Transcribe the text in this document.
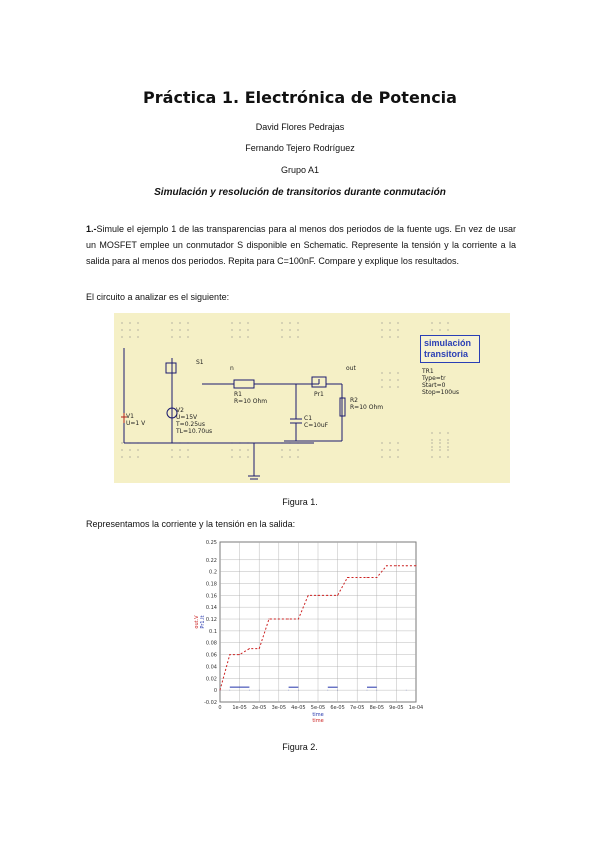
Práctica 1. Electrónica de Potencia
David Flores Pedrajas
Fernando Tejero Rodríguez
Grupo A1
Simulación y resolución de transitorios durante conmutación
1.-Simule el ejemplo 1 de las transparencias para al menos dos periodos de la fuente ugs. En vez de usar un MOSFET emplee un conmutador S disponible en Schematic. Represente la tensión y la corriente a la salida para al menos dos periodos. Repita para C=100nF. Compare y explique los resultados.
El circuito a analizar es el siguiente:
simulación
transitoria
TR1
Type=tr
Start=0
Stop=100us
S1
n
V1
U=1 V
V2
U=15V
T=0.25us
TL=10.70us
R1
R=10 Ohm
C1
C=10uF
R2
R=10 Ohm
Pr1
out
Figura 1.
Representamos la corriente y la tensión en la salida:
-0.02
0
0.02
0.04
0.06
0.08
0.1
0.12
0.14
0.16
0.18
0.2
0.22
0.25
0 1e-05 2e-05 3e-05 4e-05 5e-05 6e-05 7e-05 8e-05 9e-05 1e-04
time
time
out.V Pr1.It
Figura 2.
